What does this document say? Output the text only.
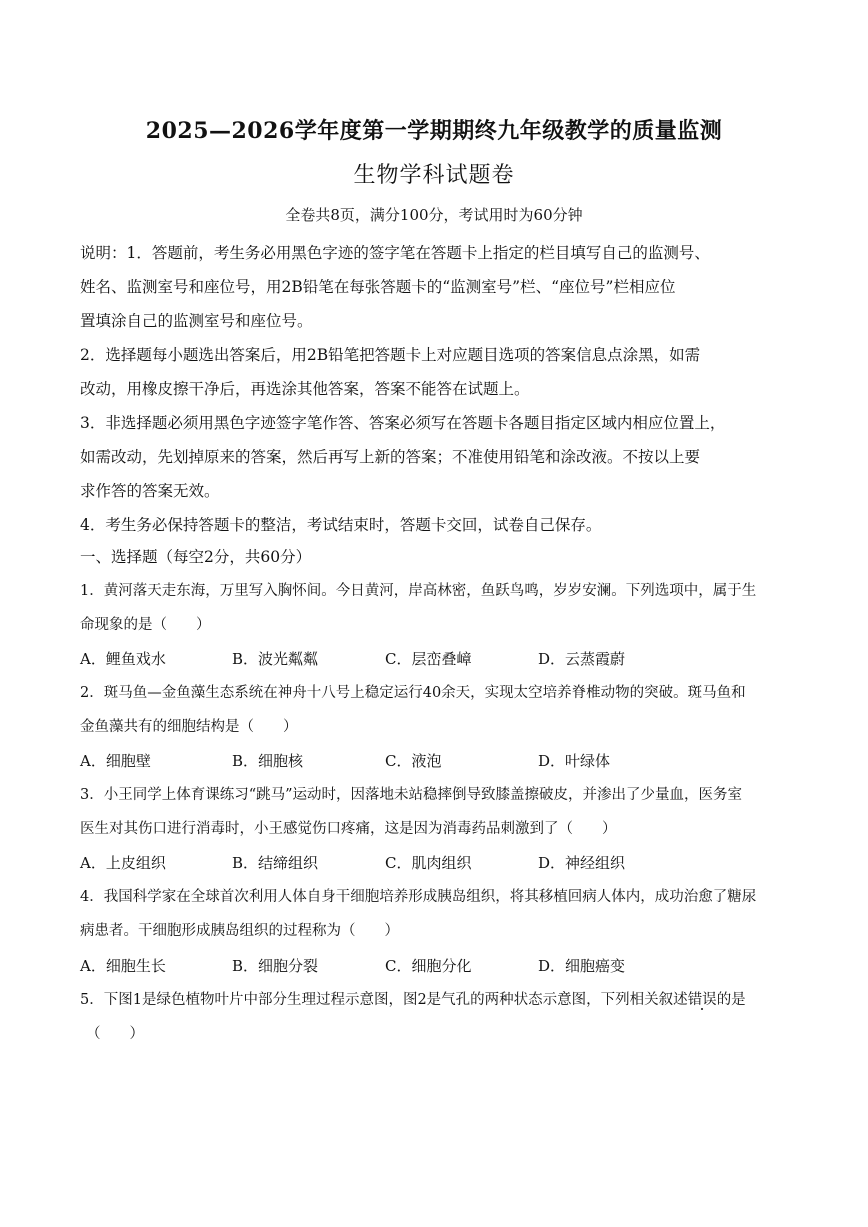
2025—2026学年度第一学期期终九年级教学的质量监测
生物学科试题卷
全卷共8页，满分100分，考试用时为60分钟
说明：1．答题前，考生务必用黑色字迹的签字笔在答题卡上指定的栏目填写自己的监测号、
姓名、监测室号和座位号，用2B铅笔在每张答题卡的“监测室号”栏、“座位号”栏相应位
置填涂自己的监测室号和座位号。
2．选择题每小题选出答案后，用2B铅笔把答题卡上对应题目选项的答案信息点涂黑，如需
改动，用橡皮擦干净后，再选涂其他答案，答案不能答在试题上。
3．非选择题必须用黑色字迹签字笔作答、答案必须写在答题卡各题目指定区域内相应位置上，
如需改动，先划掉原来的答案，然后再写上新的答案；不准使用铅笔和涂改液。不按以上要
求作答的答案无效。
4．考生务必保持答题卡的整洁，考试结束时，答题卡交回，试卷自己保存。
一、选择题（每空2分，共60分）
1．黄河落天走东海，万里写入胸怀间。今日黄河，岸高林密，鱼跃鸟鸣，岁岁安澜。下列选项中，属于生
命现象的是（　　）
A．鲤鱼戏水	B．波光粼粼	C．层峦叠嶂	D．云蒸霞蔚
2．斑马鱼—金鱼藻生态系统在神舟十八号上稳定运行40余天，实现太空培养脊椎动物的突破。斑马鱼和
金鱼藻共有的细胞结构是（　　）
A．细胞壁	B．细胞核	C．液泡	D．叶绿体
3．小王同学上体育课练习“跳马”运动时，因落地未站稳摔倒导致膝盖擦破皮，并渗出了少量血，医务室
医生对其伤口进行消毒时，小王感觉伤口疼痛，这是因为消毒药品刺激到了（　　）
A．上皮组织	B．结缔组织	C．肌肉组织	D．神经组织
4．我国科学家在全球首次利用人体自身干细胞培养形成胰岛组织，将其移植回病人体内，成功治愈了糖尿
病患者。干细胞形成胰岛组织的过程称为（　　）
A．细胞生长	B．细胞分裂	C．细胞分化	D．细胞癌变
5．下图1是绿色植物叶片中部分生理过程示意图，图2是气孔的两种状态示意图，下列相关叙述错误的是
（　　）
